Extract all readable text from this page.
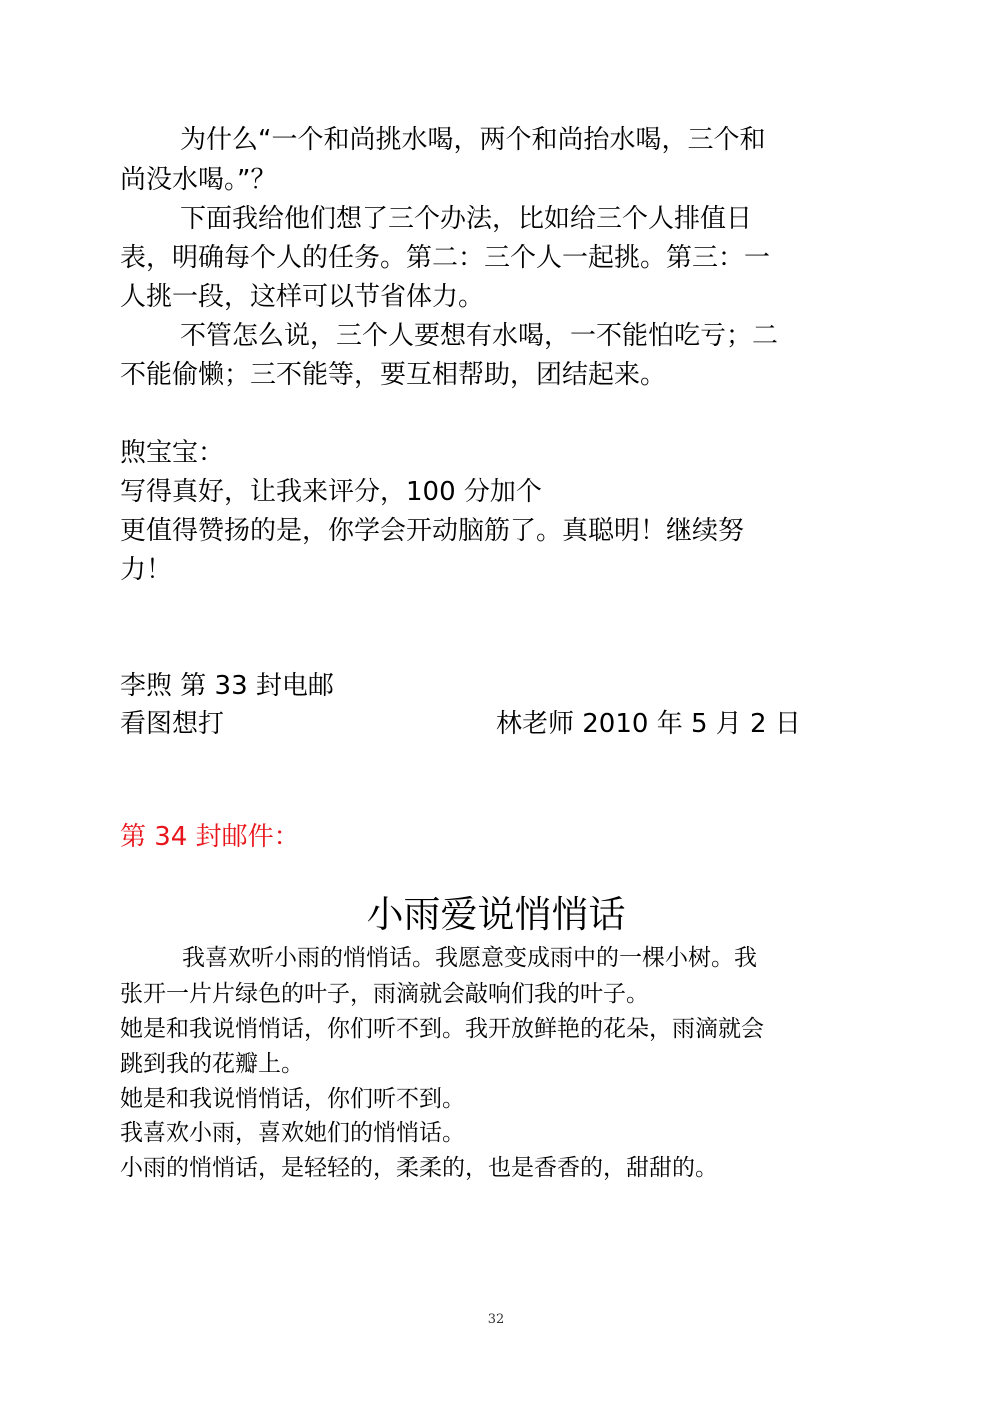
为什么“一个和尚挑水喝，两个和尚抬水喝，三个和
尚没水喝。”？
下面我给他们想了三个办法，比如给三个人排值日
表，明确每个人的任务。第二：三个人一起挑。第三：一
人挑一段，这样可以节省体力。
不管怎么说，三个人要想有水喝，一不能怕吃亏；二
不能偷懒；三不能等，要互相帮助，团结起来。
煦宝宝：
写得真好，让我来评分，100 分加个
更值得赞扬的是，你学会开动脑筋了。真聪明！继续努
力！
李煦 第 33 封电邮
看图想打	林老师 2010 年 5 月 2 日
第 34 封邮件：
小雨爱说悄悄话
我喜欢听小雨的悄悄话。我愿意变成雨中的一棵小树。我
张开一片片绿色的叶子，雨滴就会敲响们我的叶子。
她是和我说悄悄话，你们听不到。我开放鲜艳的花朵，雨滴就会
跳到我的花瓣上。
她是和我说悄悄话，你们听不到。
我喜欢小雨，喜欢她们的悄悄话。
小雨的悄悄话，是轻轻的，柔柔的，也是香香的，甜甜的。
32
